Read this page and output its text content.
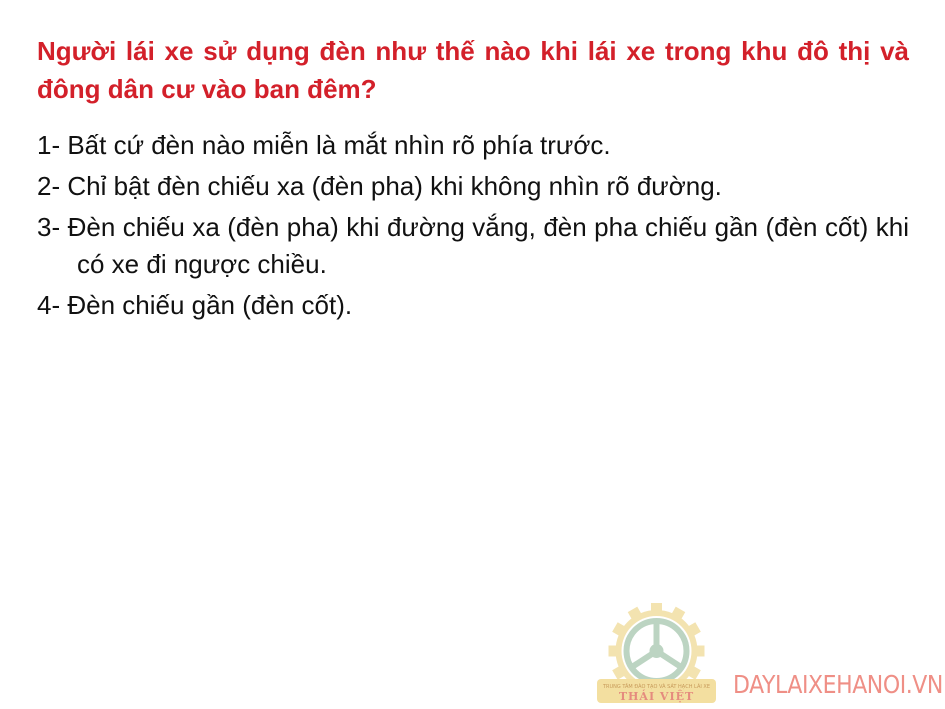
Người lái xe sử dụng đèn như thế nào khi lái xe trong khu đô thị và đông dân cư vào ban đêm?

1- Bất cứ đèn nào miễn là mắt nhìn rõ phía trước.
2- Chỉ bật đèn chiếu xa (đèn pha) khi không nhìn rõ đường.
3- Đèn chiếu xa (đèn pha) khi đường vắng, đèn pha chiếu gần (đèn cốt) khi có xe đi ngược chiều.
4- Đèn chiếu gần (đèn cốt).
TRUNG TÂM ĐÀO TẠO VÀ SÁT HẠCH LÁI XE
THÁI VIỆT DAYLAIXEHANOI.VN
